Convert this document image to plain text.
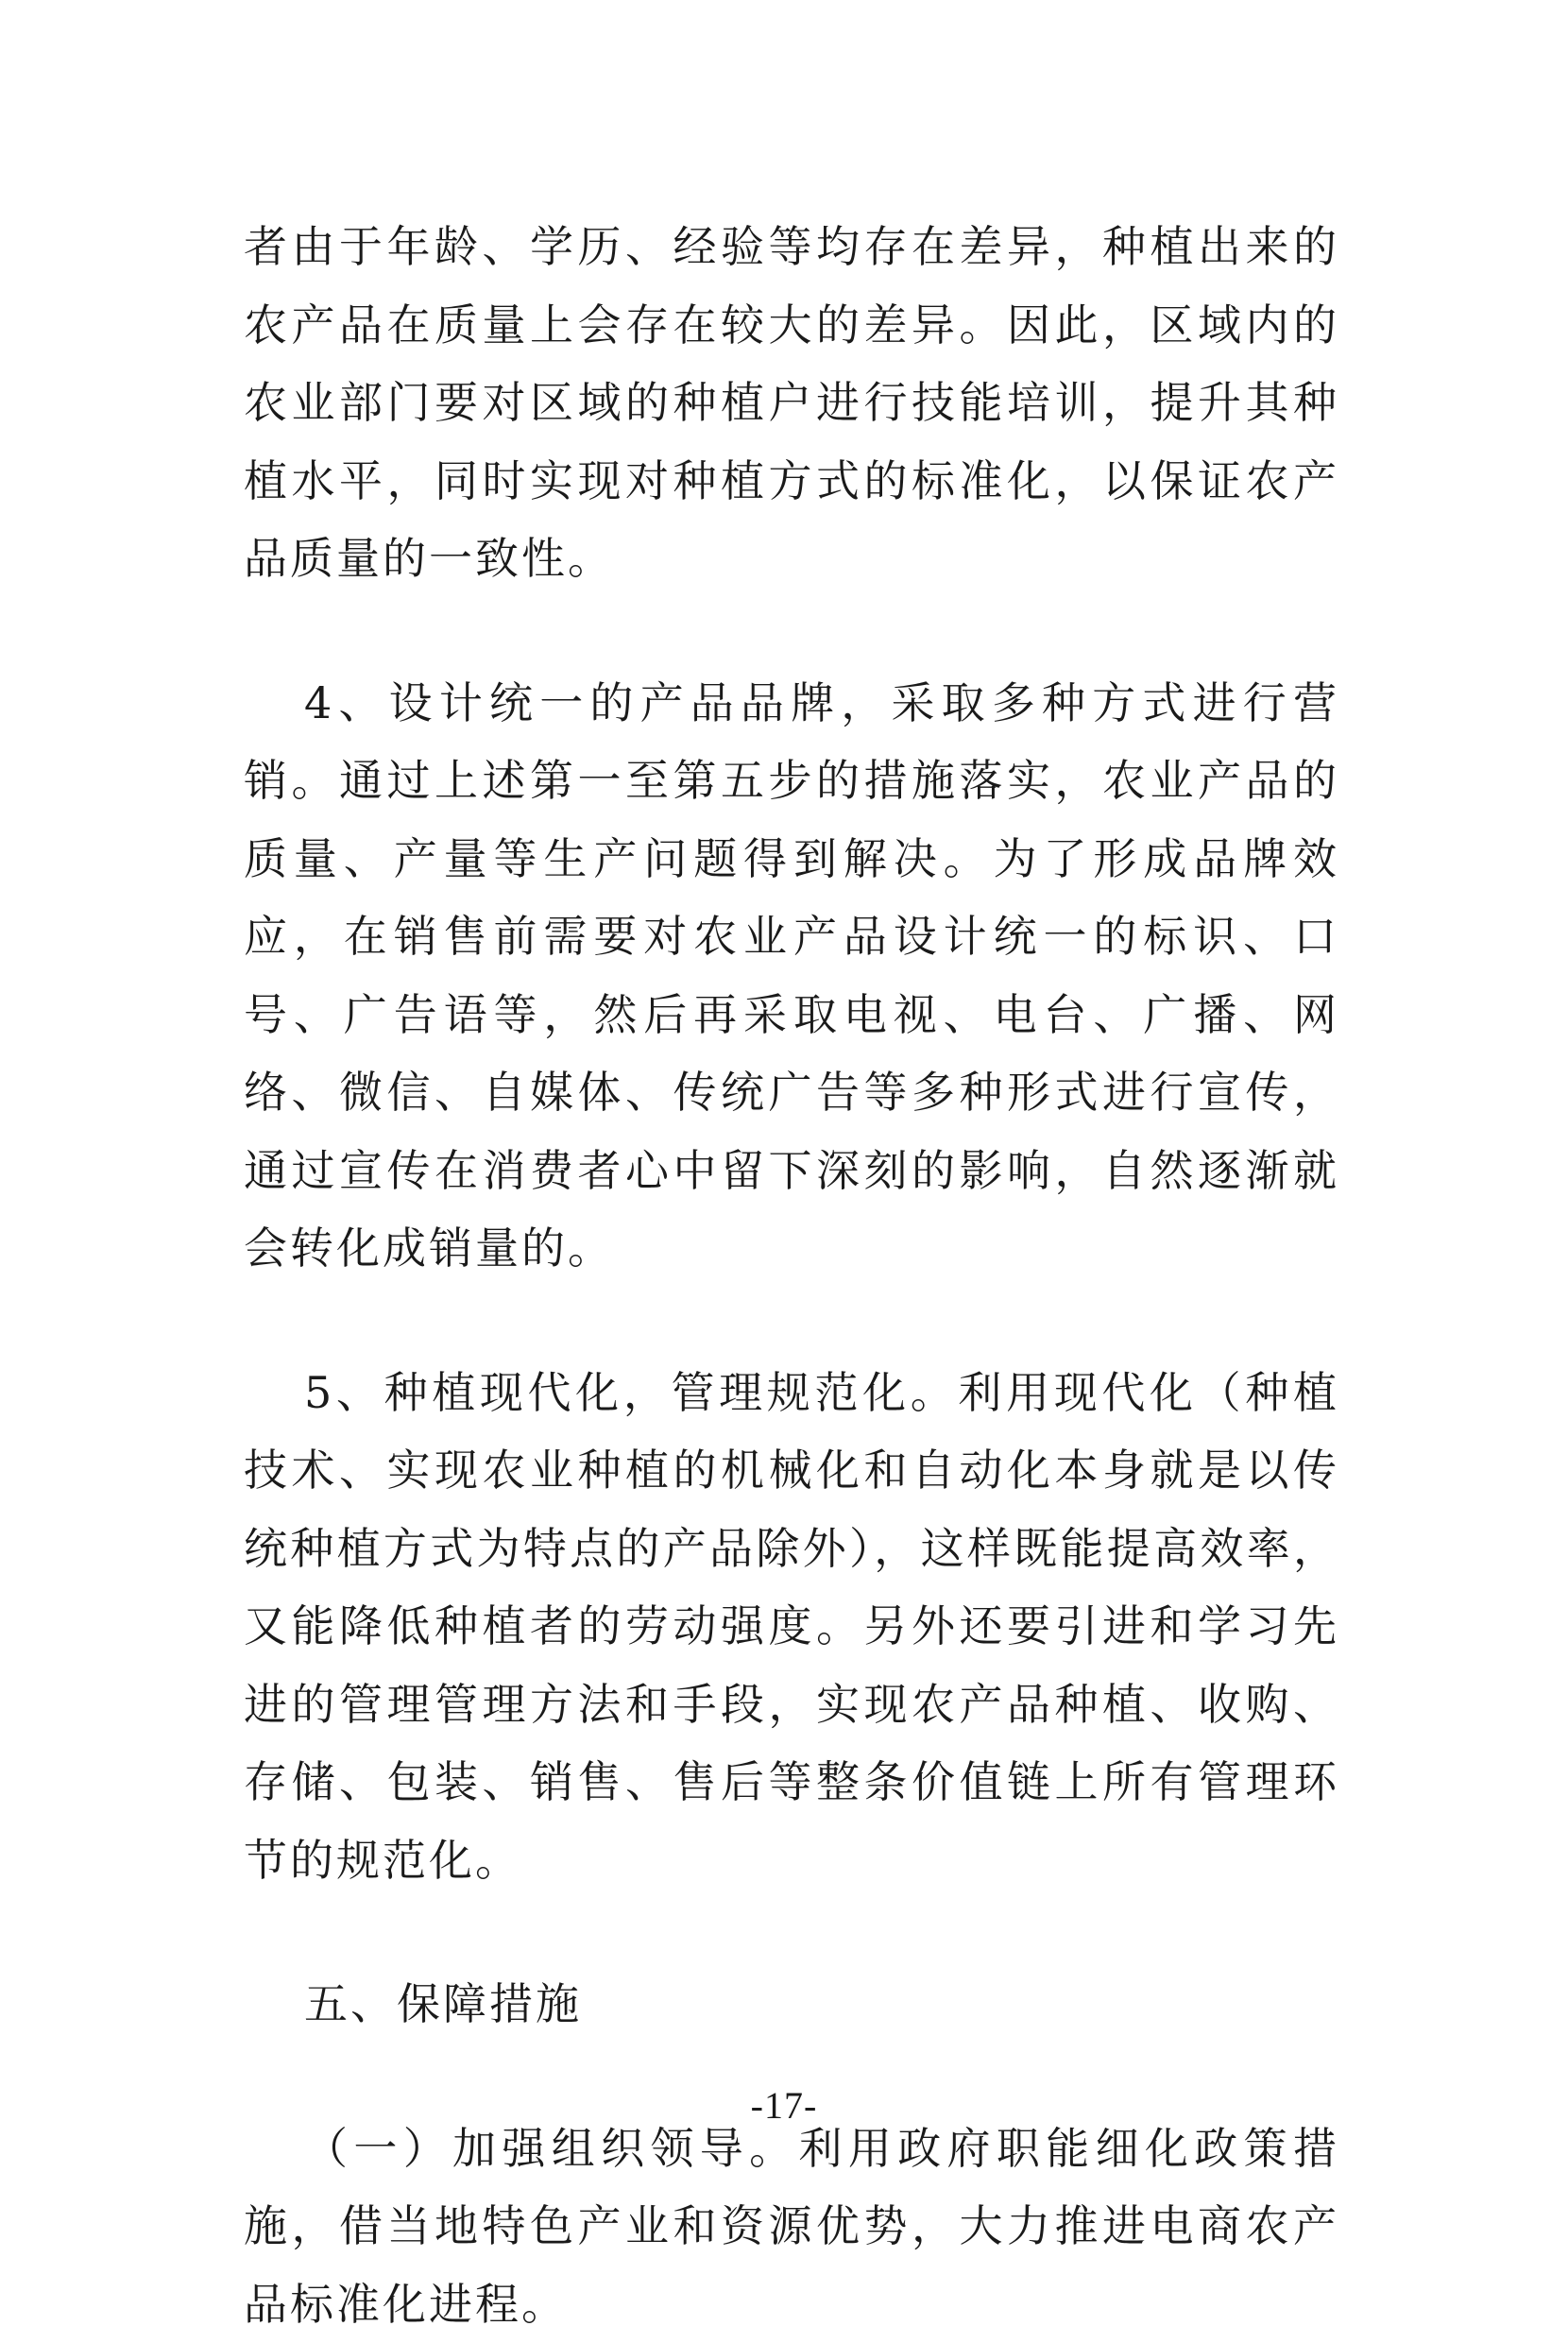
者由于年龄、学历、经验等均存在差异，种植出来的农产品在质量上会存在较大的差异。因此，区域内的农业部门要对区域的种植户进行技能培训，提升其种植水平，同时实现对种植方式的标准化，以保证农产品质量的一致性。

4、设计统一的产品品牌，采取多种方式进行营销。通过上述第一至第五步的措施落实，农业产品的质量、产量等生产问题得到解决。为了形成品牌效应，在销售前需要对农业产品设计统一的标识、口号、广告语等，然后再采取电视、电台、广播、网络、微信、自媒体、传统广告等多种形式进行宣传，通过宣传在消费者心中留下深刻的影响，自然逐渐就会转化成销量的。

5、种植现代化，管理规范化。利用现代化（种植技术、实现农业种植的机械化和自动化本身就是以传统种植方式为特点的产品除外），这样既能提高效率，又能降低种植者的劳动强度。另外还要引进和学习先进的管理管理方法和手段，实现农产品种植、收购、存储、包装、销售、售后等整条价值链上所有管理环节的规范化。

五、保障措施

（一）加强组织领导。利用政府职能细化政策措施，借当地特色产业和资源优势，大力推进电商农产品标准化进程。

-17-
